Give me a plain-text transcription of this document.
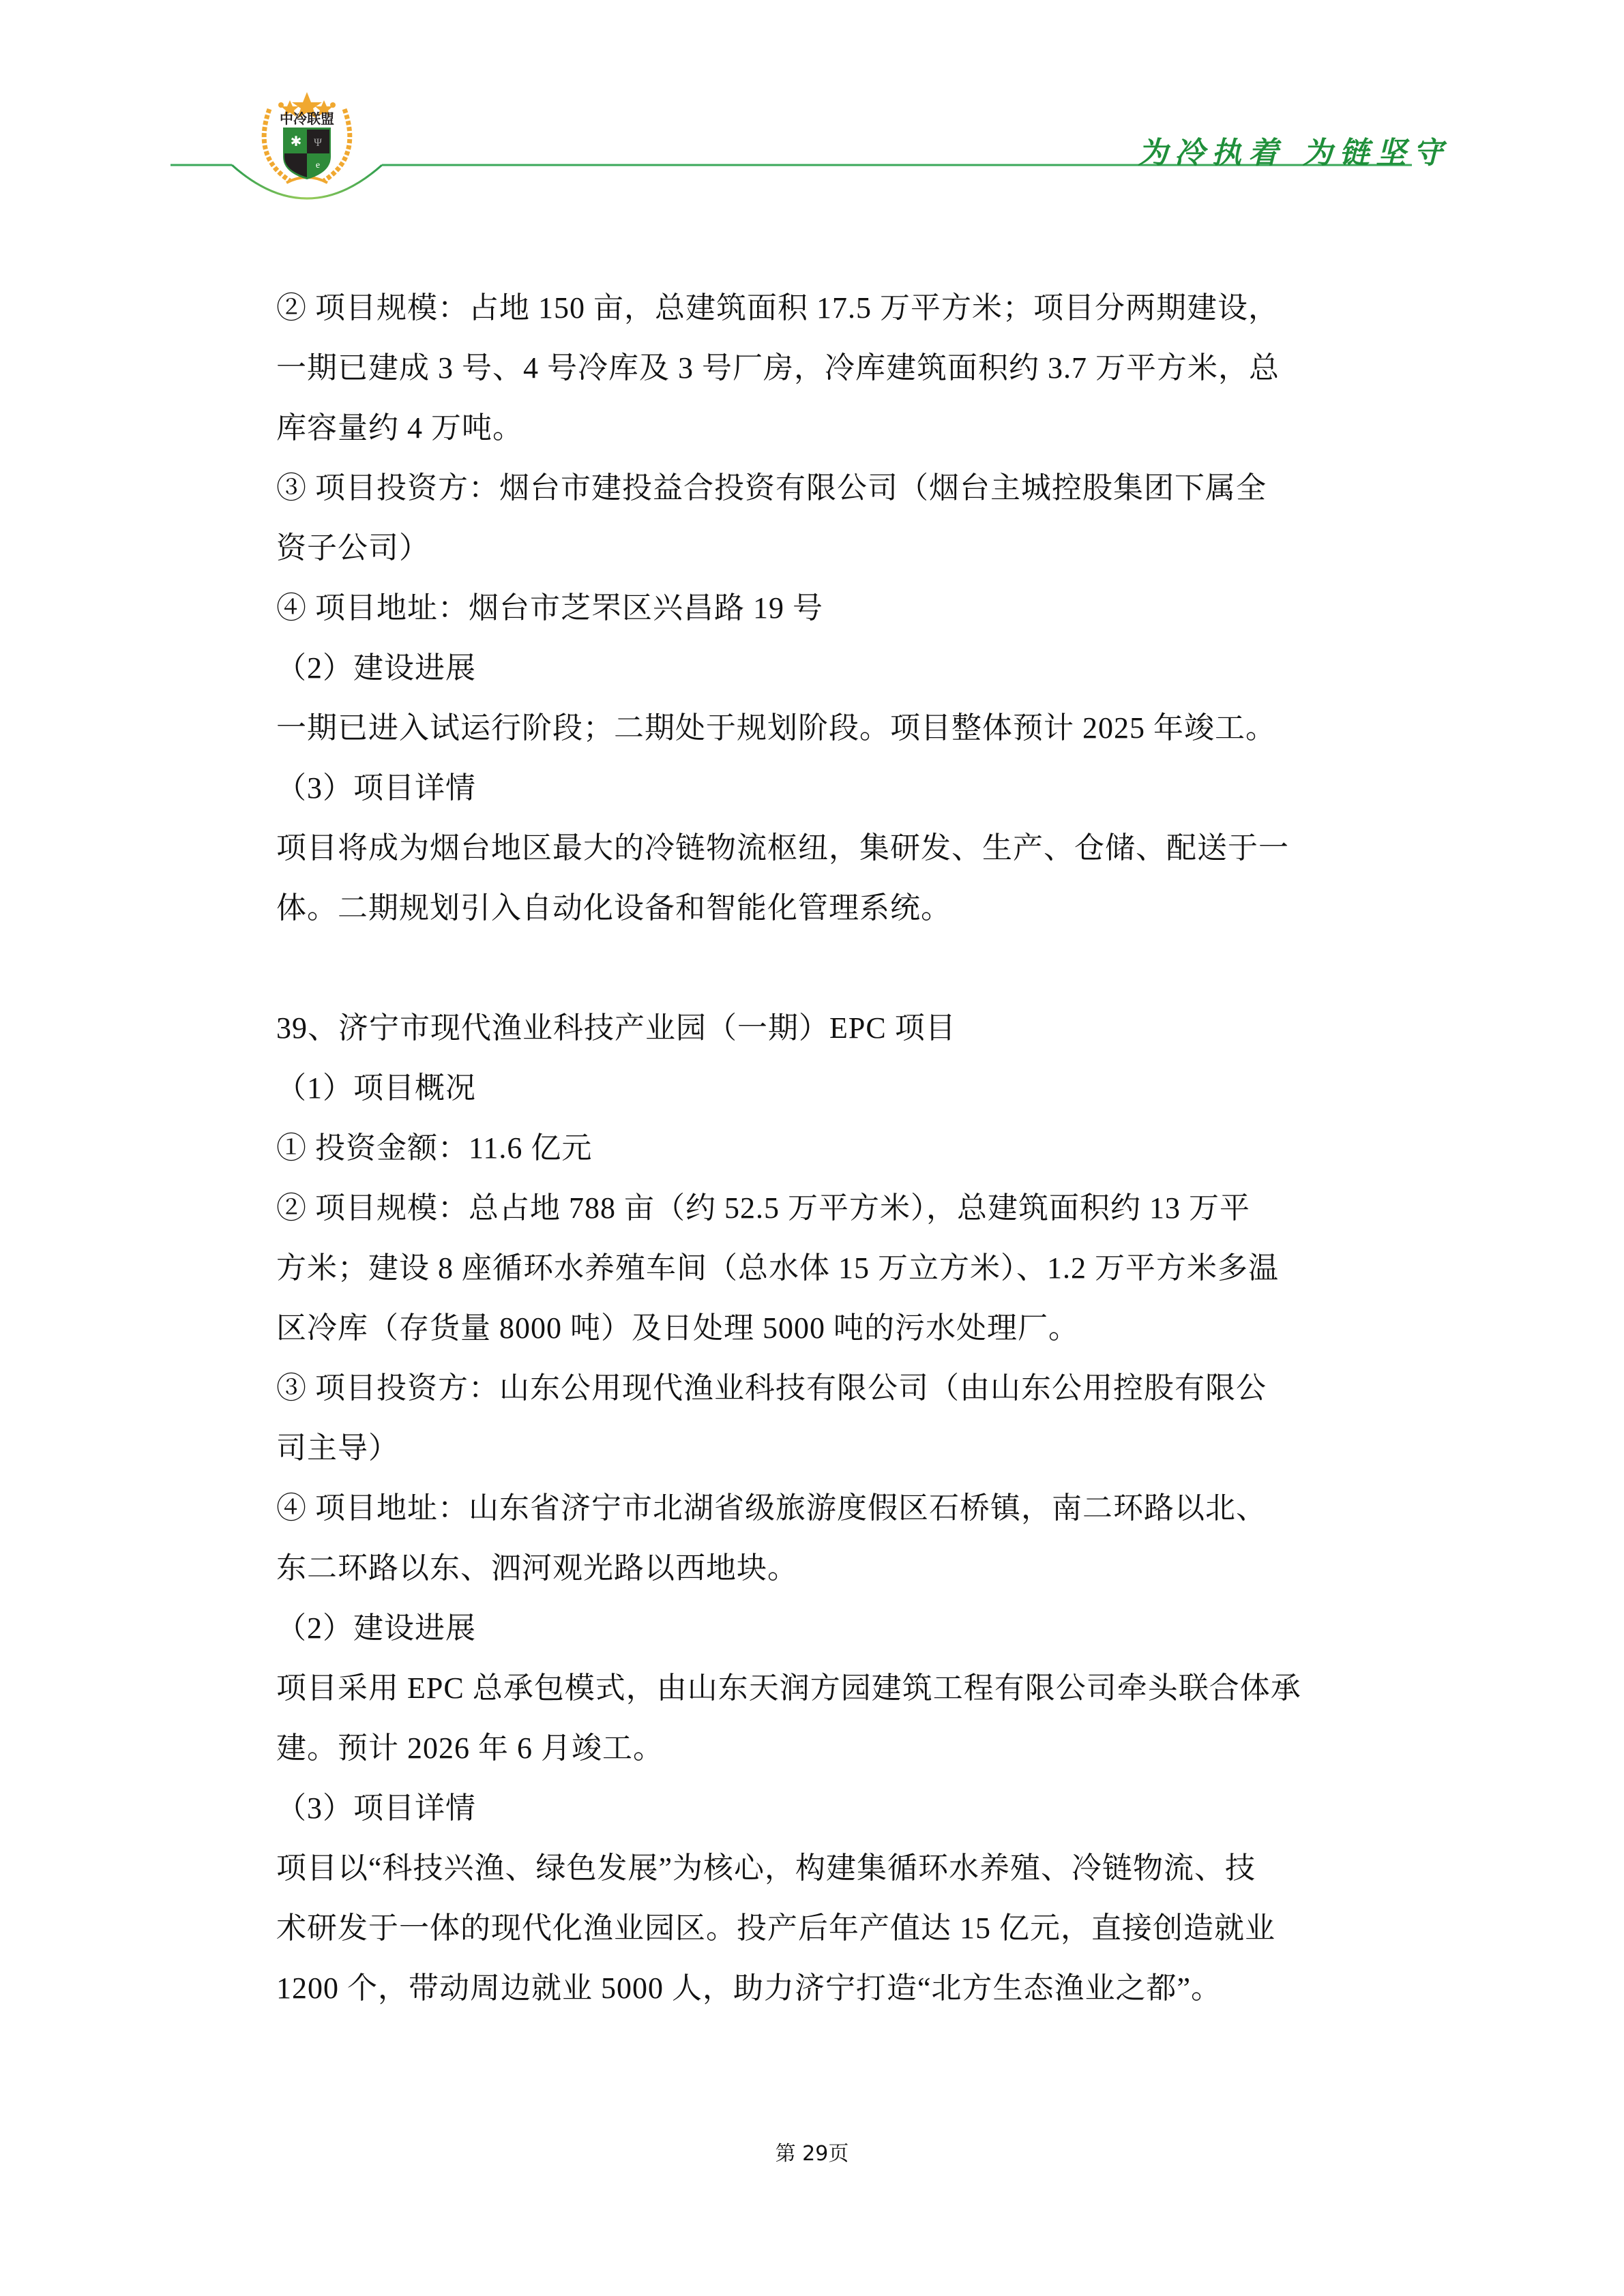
中冷联盟
✱ Ψ
e	为冷执着 为链坚守
② 项目规模：占地 150 亩，总建筑面积 17.5 万平方米；项目分两期建设，
一期已建成 3 号、4 号冷库及 3 号厂房，冷库建筑面积约 3.7 万平方米，总
库容量约 4 万吨。
③ 项目投资方：烟台市建投益合投资有限公司（烟台主城控股集团下属全
资子公司）
④ 项目地址：烟台市芝罘区兴昌路 19 号
（2）建设进展
一期已进入试运行阶段；二期处于规划阶段。项目整体预计 2025 年竣工。
（3）项目详情
项目将成为烟台地区最大的冷链物流枢纽，集研发、生产、仓储、配送于一
体。二期规划引入自动化设备和智能化管理系统。
39、济宁市现代渔业科技产业园（一期）EPC 项目
（1）项目概况
① 投资金额：11.6 亿元
② 项目规模：总占地 788 亩（约 52.5 万平方米），总建筑面积约 13 万平
方米；建设 8 座循环水养殖车间（总水体 15 万立方米）、1.2 万平方米多温
区冷库（存货量 8000 吨）及日处理 5000 吨的污水处理厂。
③ 项目投资方：山东公用现代渔业科技有限公司（由山东公用控股有限公
司主导）
④ 项目地址：山东省济宁市北湖省级旅游度假区石桥镇，南二环路以北、
东二环路以东、泗河观光路以西地块。
（2）建设进展
项目采用 EPC 总承包模式，由山东天润方园建筑工程有限公司牵头联合体承
建。预计 2026 年 6 月竣工。
（3）项目详情
项目以“科技兴渔、绿色发展”为核心，构建集循环水养殖、冷链物流、技
术研发于一体的现代化渔业园区。投产后年产值达 15 亿元，直接创造就业
1200 个，带动周边就业 5000 人，助力济宁打造“北方生态渔业之都”。
第 29页
